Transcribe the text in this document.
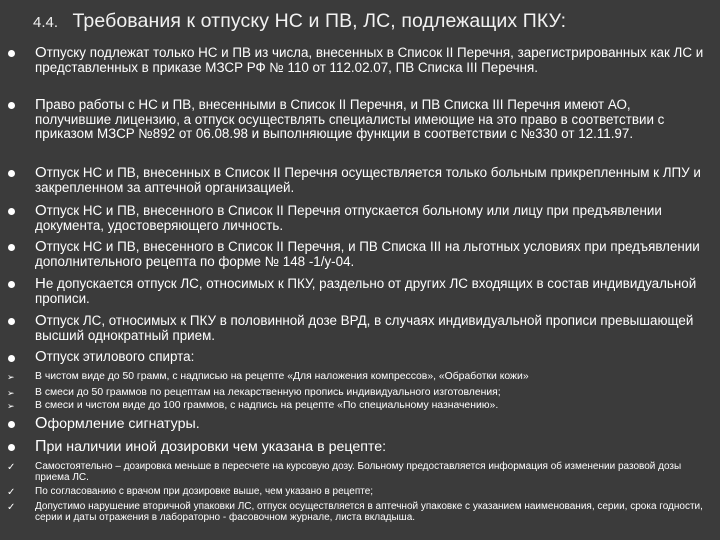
4.4. Требования к отпуску НС и ПВ, ЛС, подлежащих ПКУ:
Отпуску подлежат только НС и ПВ из числа, внесенных в Список II Перечня, зарегистрированных как ЛС и представленных в приказе МЗСР РФ № 110 от 112.02.07, ПВ Списка III Перечня.
Право работы с НС и ПВ, внесенными в Список II Перечня, и ПВ Списка III Перечня имеют АО, получившие лицензию, а отпуск осуществлять специалисты имеющие на это право в соответствии с приказом МЗСР №892 от 06.08.98 и выполняющие функции в соответствии с №330 от 12.11.97.
Отпуск НС и ПВ, внесенных в Список II Перечня осуществляется только больным прикрепленным к ЛПУ и закрепленном за аптечной организацией.
Отпуск НС и ПВ, внесенного в Список II Перечня отпускается больному или лицу при предъявлении документа, удостоверяющего личность.
Отпуск НС и ПВ, внесенного в Список II Перечня, и ПВ Списка III на льготных условиях при предъявлении дополнительного рецепта по форме № 148 -1/у-04.
Не допускается отпуск ЛС, относимых к ПКУ, раздельно от других ЛС входящих в состав индивидуальной прописи.
Отпуск ЛС, относимых к ПКУ в половинной дозе ВРД, в случаях индивидуальной прописи превышающей высший однократный прием.
Отпуск этилового спирта:
➢ В чистом виде до 50 грамм, с надписью на рецепте «Для наложения компрессов», «Обработки кожи»
➢ В смеси до 50 граммов по рецептам на лекарственную пропись индивидуального изготовления;
➢ В смеси и чистом виде до 100 граммов, с надпись на рецепте «По специальному назначению».
Оформление сигнатуры.
При наличии иной дозировки чем указана в рецепте:
✓ Самостоятельно – дозировка меньше в пересчете на курсовую дозу. Больному предоставляется информация об изменении разовой дозы приема ЛС.
✓ По согласованию с врачом при дозировке выше, чем указано в рецепте;
✓ Допустимо нарушение вторичной упаковки ЛС, отпуск осуществляется в аптечной упаковке с указанием наименования, серии, срока годности, серии и даты отражения в лабораторно - фасовочном журнале, листа вкладыша.
